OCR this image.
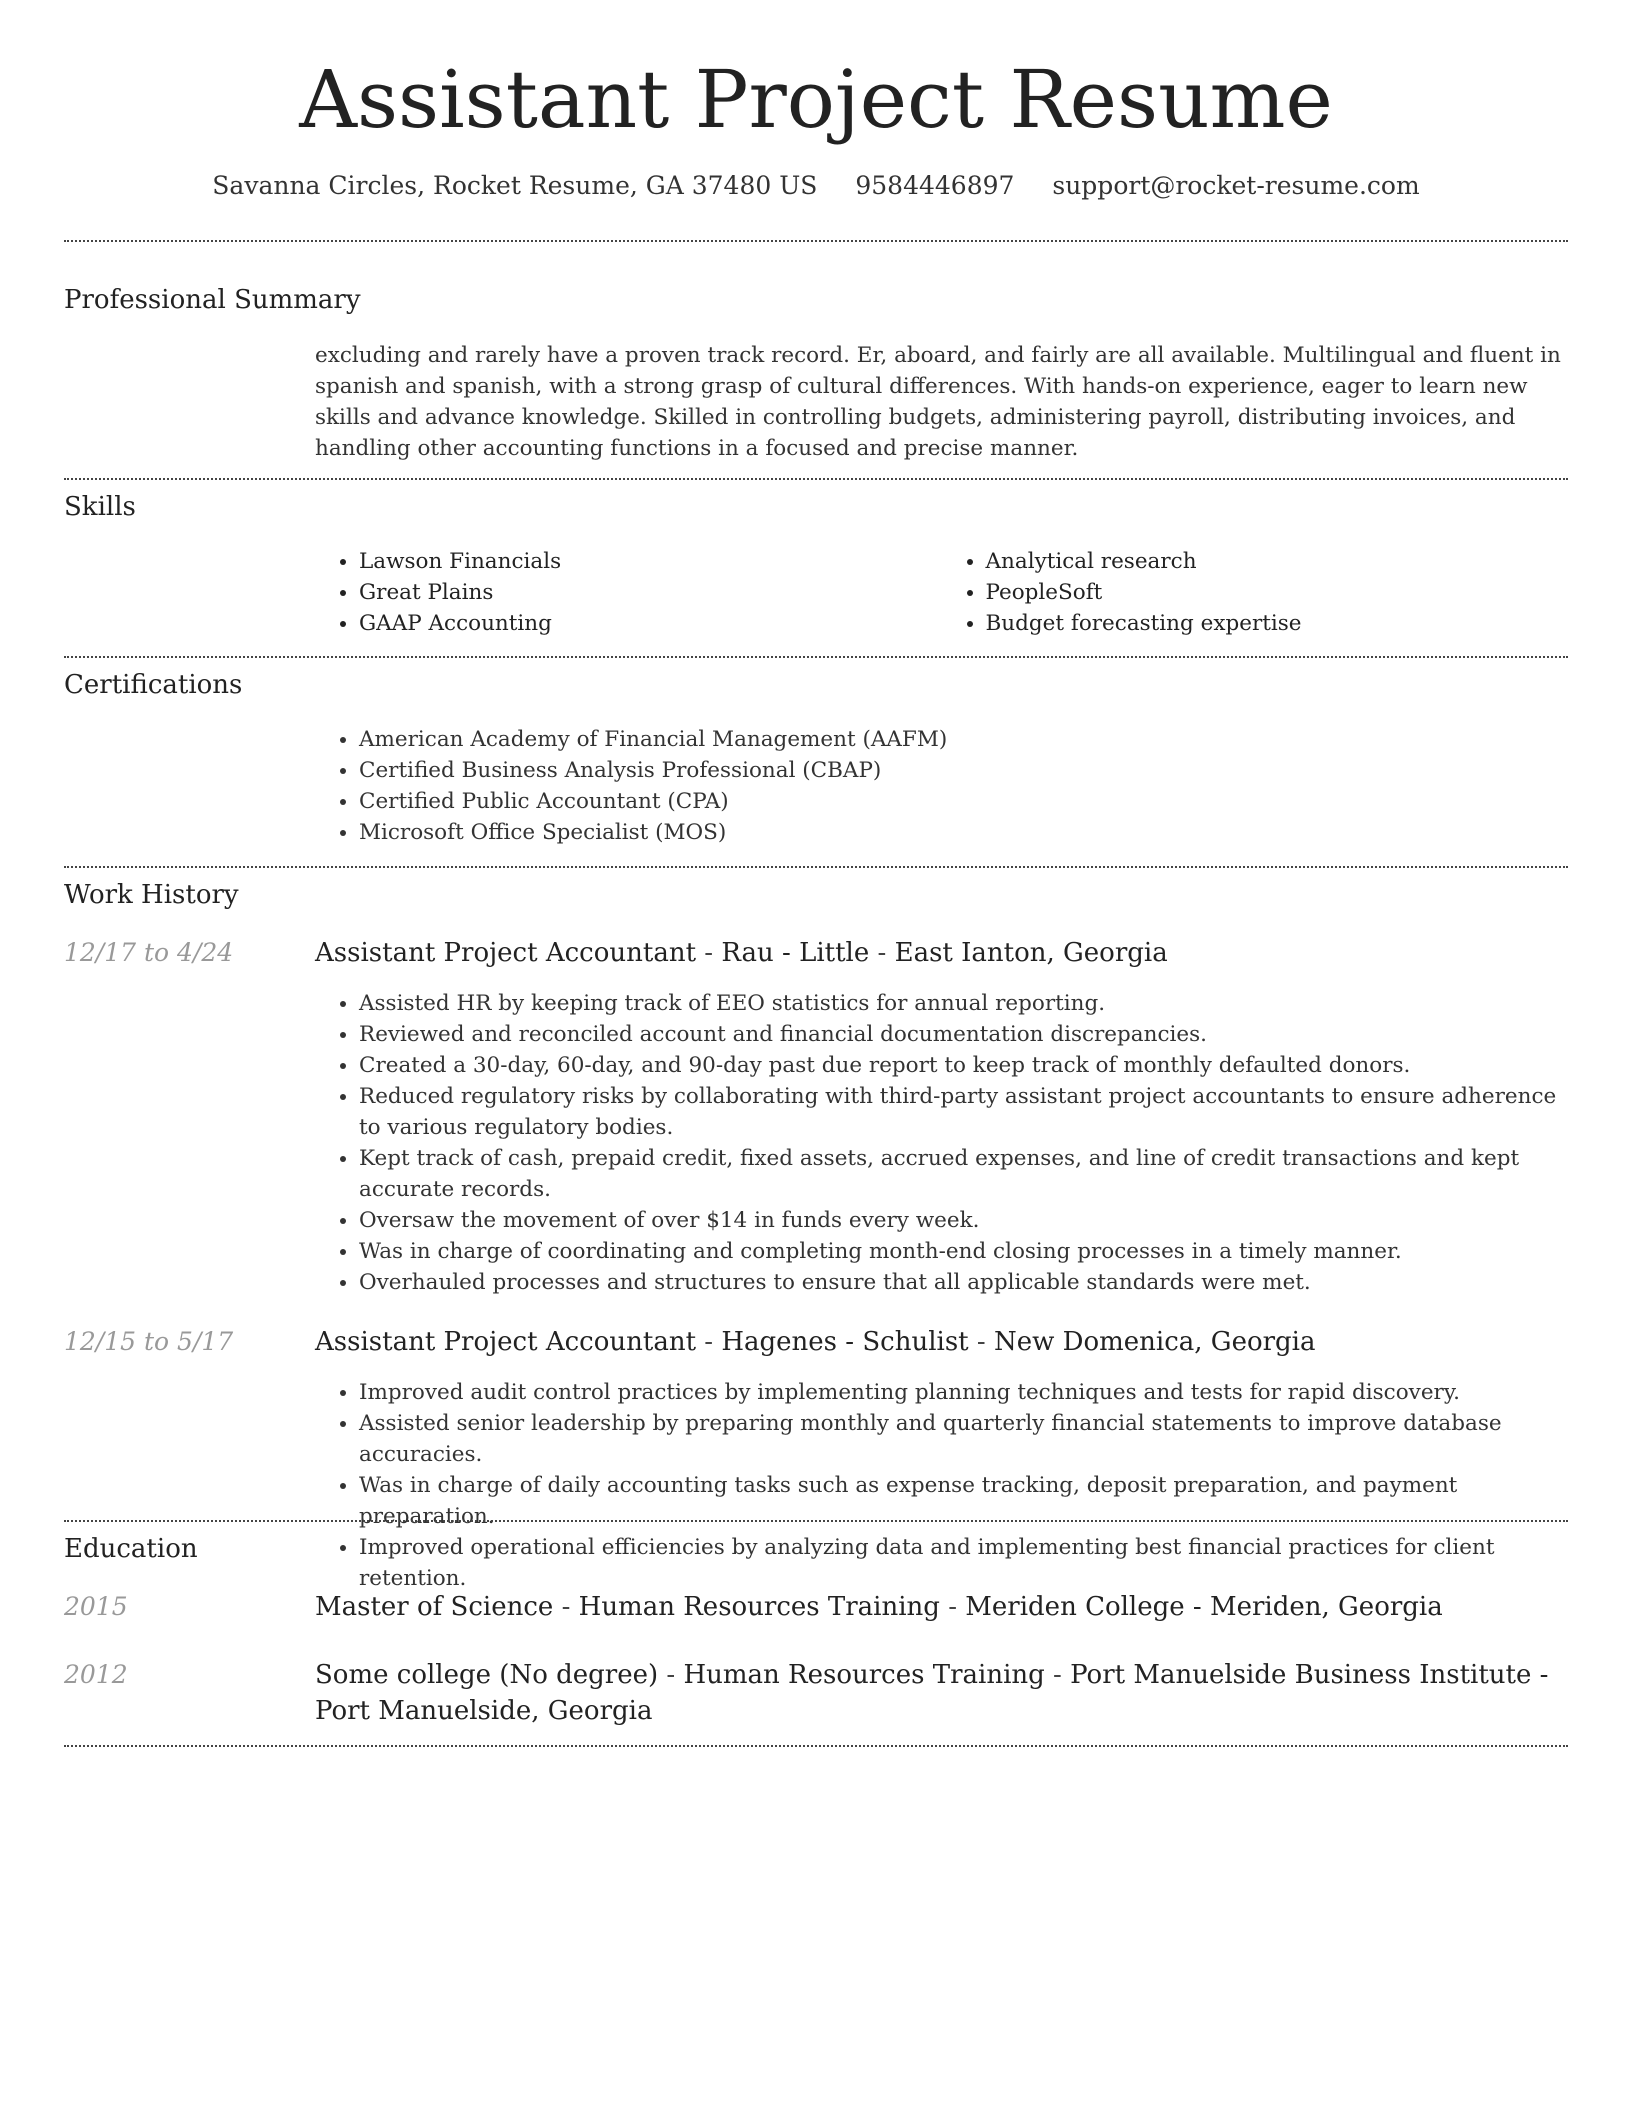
Assistant Project Resume
Savanna Circles, Rocket Resume, GA 37480 US 9584446897 support@rocket-resume.com
Professional Summary

excluding and rarely have a proven track record. Er, aboard, and fairly are all available. Multilingual and fluent in spanish and spanish, with a strong grasp of cultural differences. With hands-on experience, eager to learn new skills and advance knowledge. Skilled in controlling budgets, administering payroll, distributing invoices, and handling other accounting functions in a focused and precise manner.

Skills
• Lawson Financials
• Great Plains
• GAAP Accounting
• Analytical research
• PeopleSoft
• Budget forecasting expertise
Certifications
• American Academy of Financial Management (AAFM)
• Certified Business Analysis Professional (CBAP)
• Certified Public Accountant (CPA)
• Microsoft Office Specialist (MOS)
Work History
12/17 to 4/24	Assistant Project Accountant - Rau - Little - East Ianton, Georgia
• Assisted HR by keeping track of EEO statistics for annual reporting.
• Reviewed and reconciled account and financial documentation discrepancies.
• Created a 30-day, 60-day, and 90-day past due report to keep track of monthly defaulted donors.
• Reduced regulatory risks by collaborating with third-party assistant project accountants to ensure adherence to various regulatory bodies.
• Kept track of cash, prepaid credit, fixed assets, accrued expenses, and line of credit transactions and kept accurate records.
• Oversaw the movement of over $14 in funds every week.
• Was in charge of coordinating and completing month-end closing processes in a timely manner.
• Overhauled processes and structures to ensure that all applicable standards were met.
12/15 to 5/17	Assistant Project Accountant - Hagenes - Schulist - New Domenica, Georgia
• Improved audit control practices by implementing planning techniques and tests for rapid discovery.
• Assisted senior leadership by preparing monthly and quarterly financial statements to improve database accuracies.
• Was in charge of daily accounting tasks such as expense tracking, deposit preparation, and payment preparation.
• Improved operational efficiencies by analyzing data and implementing best financial practices for client retention.
Education
2015	Master of Science - Human Resources Training - Meriden College - Meriden, Georgia
2012	Some college (No degree) - Human Resources Training - Port Manuelside Business Institute - Port Manuelside, Georgia
